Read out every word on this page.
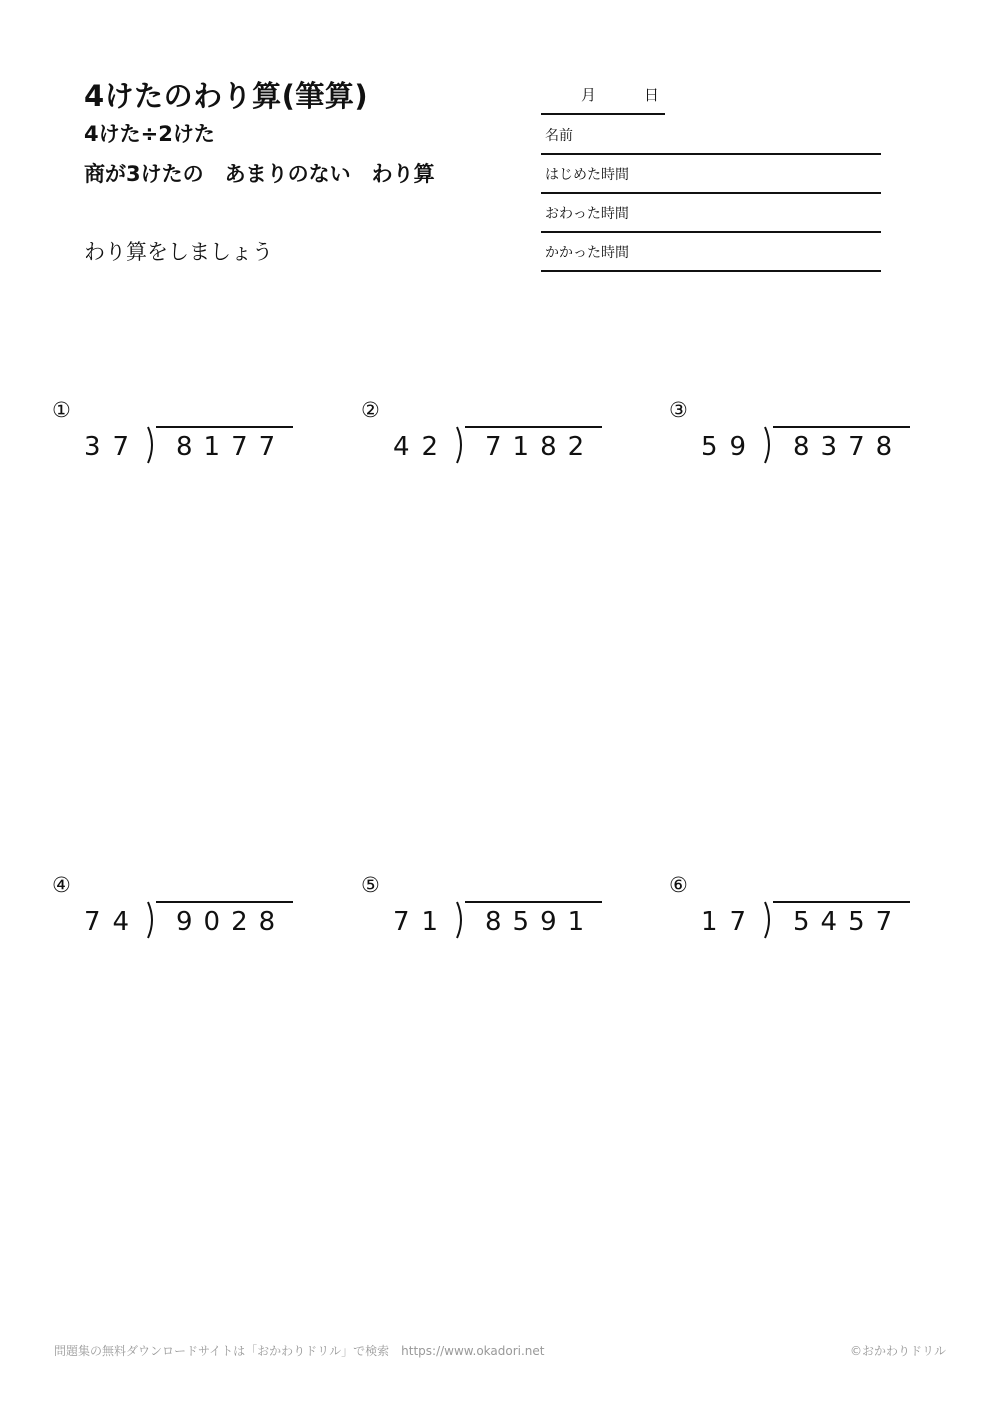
4けたのわり算(筆算)
4けた÷2けた
商が3けたの　あまりのない　わり算
わり算をしましょう
月	日
名前
はじめた時間
おわった時間
かかった時間
①
37 8177
②
42 7182
③
59 8378
④
74 9028
⑤
71 8591
⑥
17 5457
問題集の無料ダウンロードサイトは「おかわりドリル」で検索　https://www.okadori.net	©おかわりドリル
